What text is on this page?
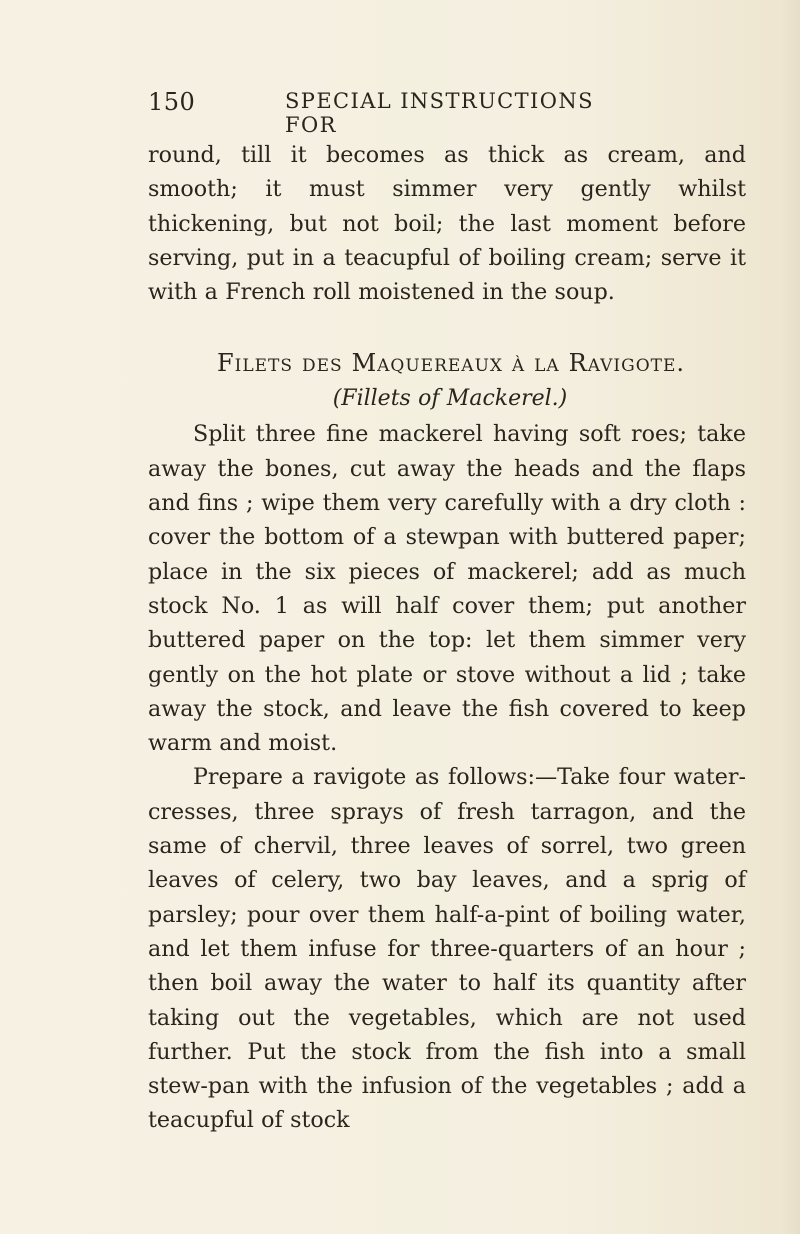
150	SPECIAL INSTRUCTIONS FOR

round, till it becomes as thick as cream, and smooth; it must simmer very gently whilst thickening, but not boil; the last moment before serving, put in a teacupful of boiling cream; serve it with a French roll moistened in the soup.

Filets des Maquereaux à la Ravigote.
(Fillets of Mackerel.)

Split three fine mackerel having soft roes; take away the bones, cut away the heads and the flaps and fins ; wipe them very carefully with a dry cloth : cover the bottom of a stewpan with buttered paper; place in the six pieces of mackerel; add as much stock No. 1 as will half cover them; put another buttered paper on the top: let them simmer very gently on the hot plate or stove without a lid ; take away the stock, and leave the fish covered to keep warm and moist.

Prepare a ravigote as follows:—Take four water-cresses, three sprays of fresh tarragon, and the same of chervil, three leaves of sorrel, two green leaves of celery, two bay leaves, and a sprig of parsley; pour over them half-a-pint of boiling water, and let them infuse for three-quarters of an hour ; then boil away the water to half its quantity after taking out the vegetables, which are not used further. Put the stock from the fish into a small stew-pan with the infusion of the vegetables ; add a teacupful of stock
